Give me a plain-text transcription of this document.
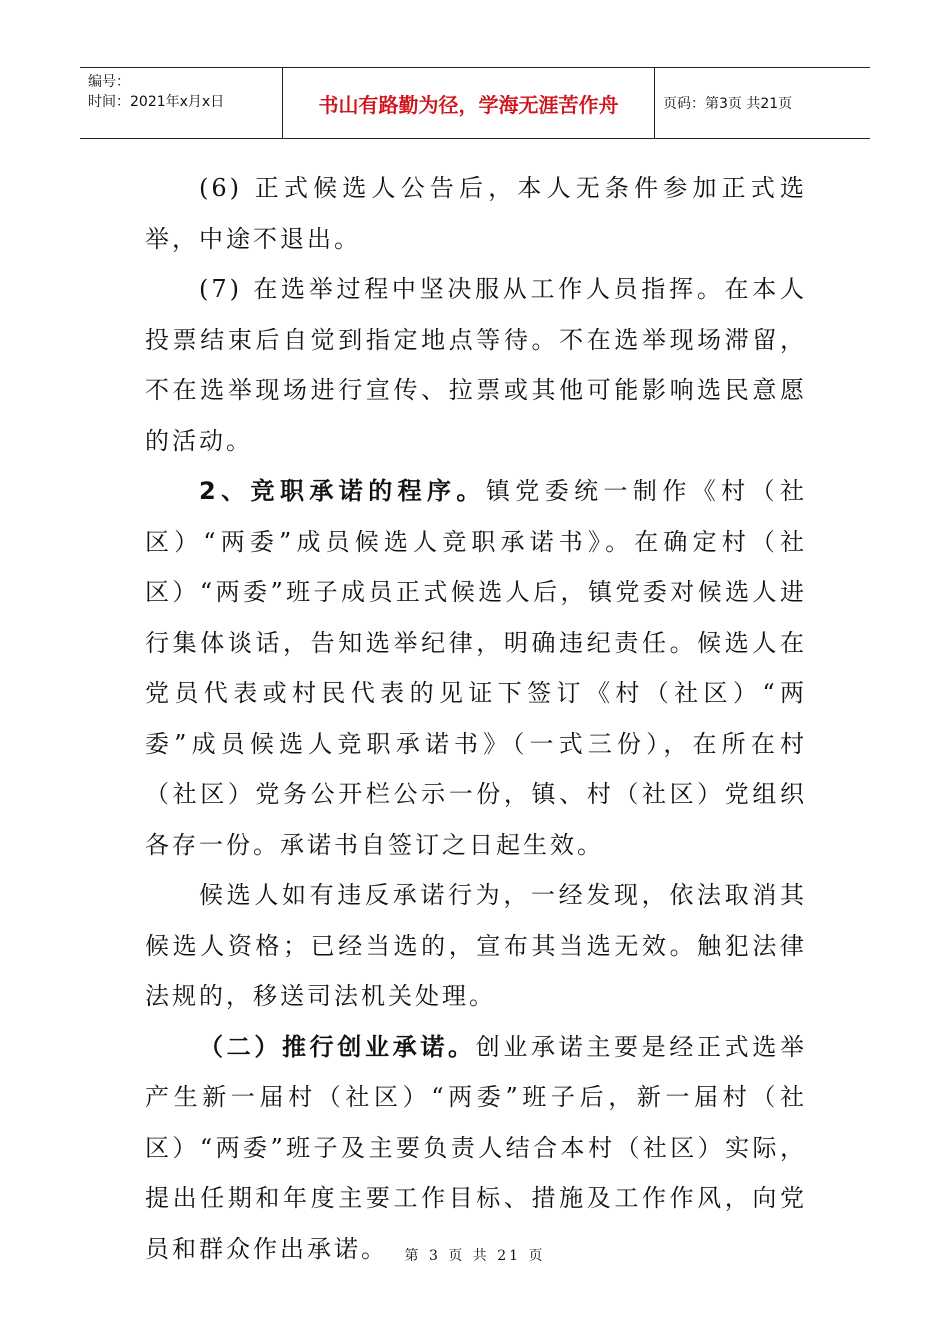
编号：
时间：2021年x月x日	书山有路勤为径，学海无涯苦作舟	页码：第3页 共21页

(6) 正式候选人公告后，本人无条件参加正式选举，中途不退出。

(7) 在选举过程中坚决服从工作人员指挥。在本人投票结束后自觉到指定地点等待。不在选举现场滞留，不在选举现场进行宣传、拉票或其他可能影响选民意愿的活动。

2、竞职承诺的程序。镇党委统一制作《村（社区）“两委”成员候选人竞职承诺书》。在确定村（社区）“两委”班子成员正式候选人后，镇党委对候选人进行集体谈话，告知选举纪律，明确违纪责任。候选人在党员代表或村民代表的见证下签订《村（社区）“两委”成员候选人竞职承诺书》（一式三份），在所在村（社区）党务公开栏公示一份，镇、村（社区）党组织各存一份。承诺书自签订之日起生效。

候选人如有违反承诺行为，一经发现，依法取消其候选人资格；已经当选的，宣布其当选无效。触犯法律法规的，移送司法机关处理。

（二）推行创业承诺。创业承诺主要是经正式选举产生新一届村（社区）“两委”班子后，新一届村（社区）“两委”班子及主要负责人结合本村（社区）实际，提出任期和年度主要工作目标、措施及工作作风，向党员和群众作出承诺。	第 3 页 共 21 页
